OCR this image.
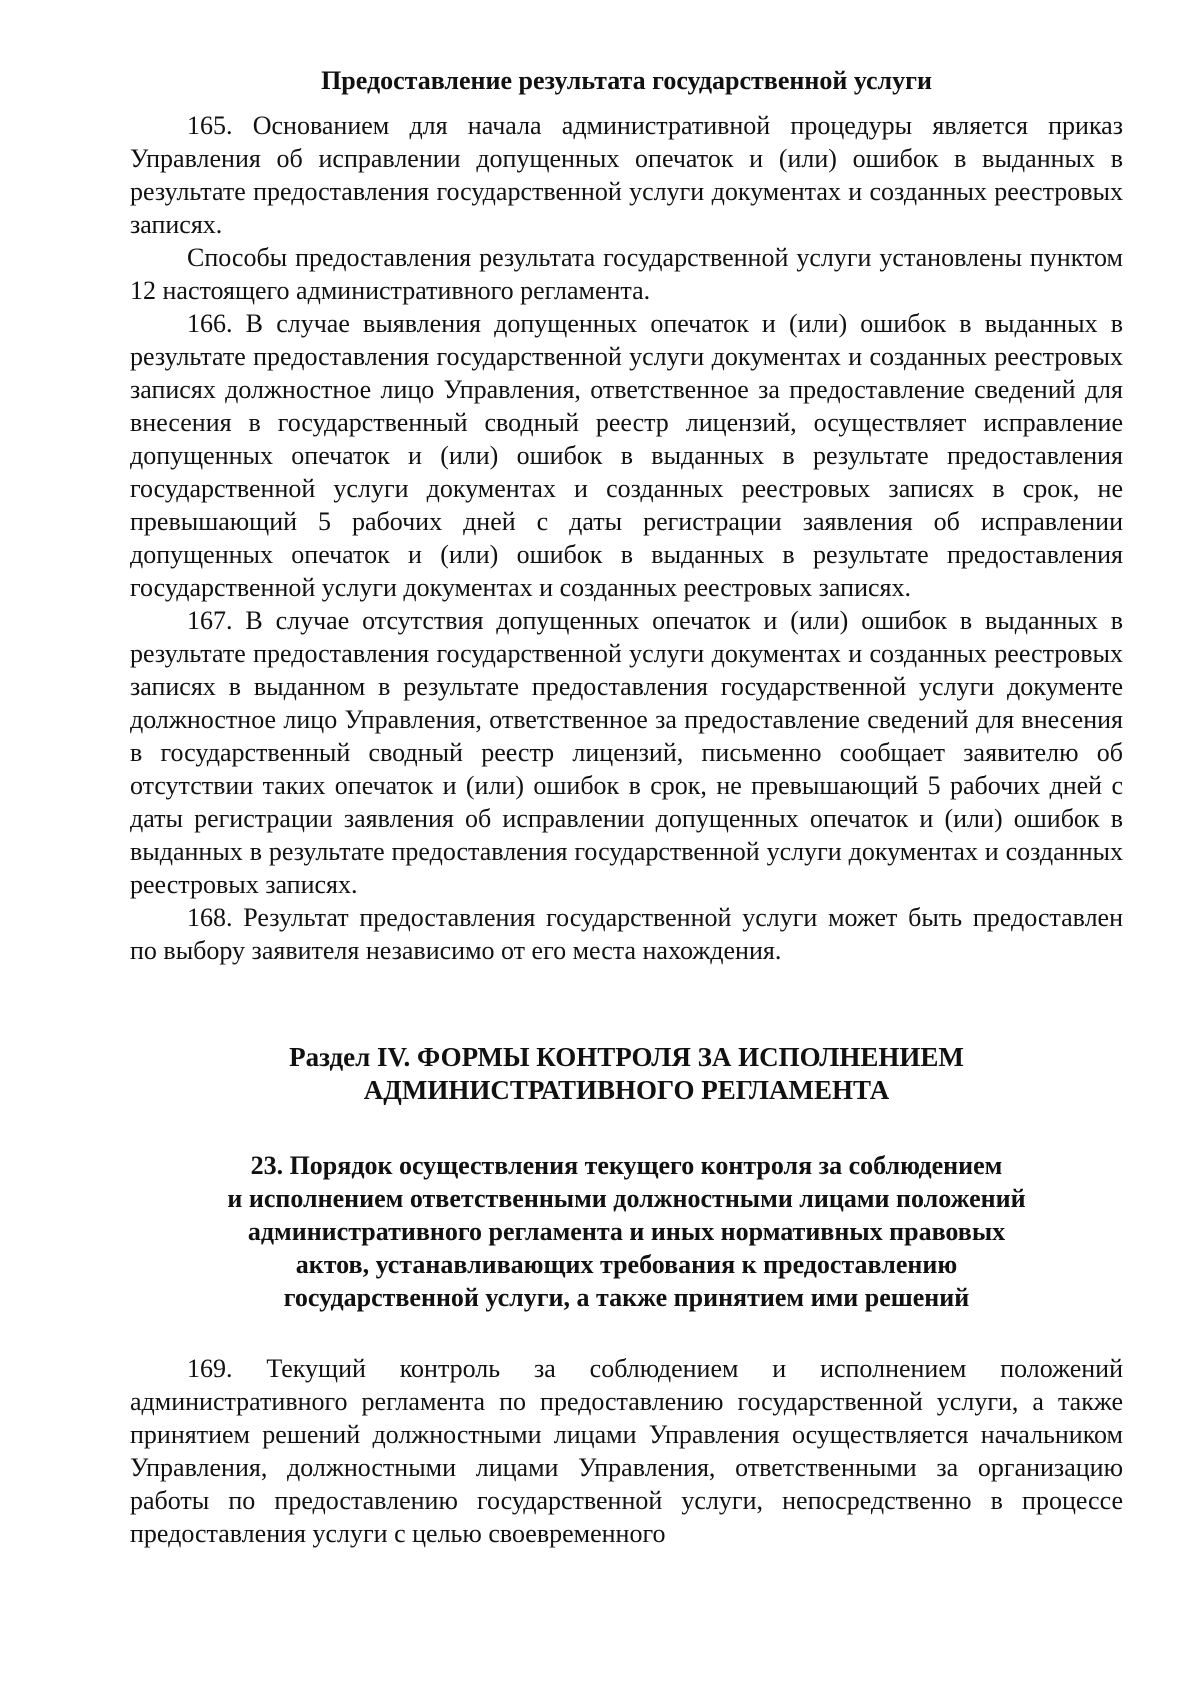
Предоставление результата государственной услуги

165. Основанием для начала административной процедуры является приказ Управления об исправлении допущенных опечаток и (или) ошибок в выданных в результате предоставления государственной услуги документах и созданных реестровых записях.

Способы предоставления результата государственной услуги установлены пунктом 12 настоящего административного регламента.

166. В случае выявления допущенных опечаток и (или) ошибок в выданных в результате предоставления государственной услуги документах и созданных реестровых записях должностное лицо Управления, ответственное за предоставление сведений для внесения в государственный сводный реестр лицензий, осуществляет исправление допущенных опечаток и (или) ошибок в выданных в результате предоставления государственной услуги документах и созданных реестровых записях в срок, не превышающий 5 рабочих дней с даты регистрации заявления об исправлении допущенных опечаток и (или) ошибок в выданных в результате предоставления государственной услуги документах и созданных реестровых записях.

167. В случае отсутствия допущенных опечаток и (или) ошибок в выданных в результате предоставления государственной услуги документах и созданных реестровых записях в выданном в результате предоставления государственной услуги документе должностное лицо Управления, ответственное за предоставление сведений для внесения в государственный сводный реестр лицензий, письменно сообщает заявителю об отсутствии таких опечаток и (или) ошибок в срок, не превышающий 5 рабочих дней с даты регистрации заявления об исправлении допущенных опечаток и (или) ошибок в выданных в результате предоставления государственной услуги документах и созданных реестровых записях.

168. Результат предоставления государственной услуги может быть предоставлен по выбору заявителя независимо от его места нахождения.

Раздел IV. ФОРМЫ КОНТРОЛЯ ЗА ИСПОЛНЕНИЕМ
АДМИНИСТРАТИВНОГО РЕГЛАМЕНТА
23. Порядок осуществления текущего контроля за соблюдением
и исполнением ответственными должностными лицами положений
административного регламента и иных нормативных правовых
актов, устанавливающих требования к предоставлению
государственной услуги, а также принятием ими решений

169. Текущий контроль за соблюдением и исполнением положений административного регламента по предоставлению государственной услуги, а также принятием решений должностными лицами Управления осуществляется начальником Управления, должностными лицами Управления, ответственными за организацию работы по предоставлению государственной услуги, непосредственно в процессе предоставления услуги с целью своевременного
